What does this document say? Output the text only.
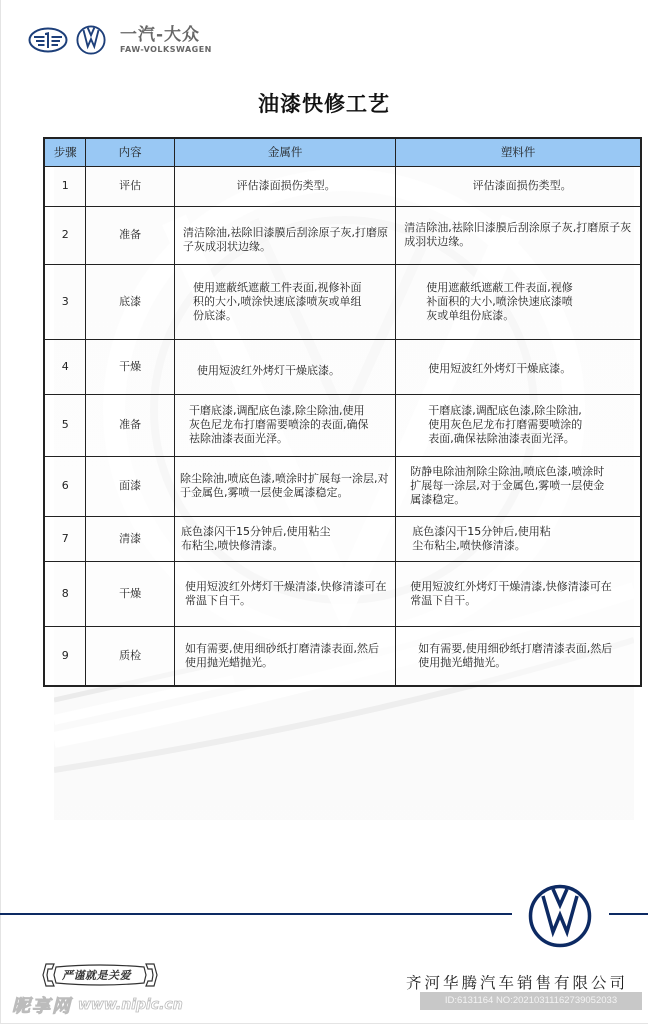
一汽-大众
FAW-VOLKSWAGEN
油漆快修工艺
步骤	内容	金属件	塑料件
1	评估	评估漆面损伤类型。	评估漆面损伤类型。
2	准备	清洁除油,祛除旧漆膜后刮涂原子灰,打磨原子灰成羽状边缘。	清洁除油,祛除旧漆膜后刮涂原子灰,打磨原子灰成羽状边缘。
3	底漆	使用遮蔽纸遮蔽工件表面,视修补面积的大小,喷涂快速底漆喷灰或单组份底漆。	使用遮蔽纸遮蔽工件表面,视修补面积的大小,喷涂快速底漆喷灰或单组份底漆。
4	干燥	使用短波红外烤灯干燥底漆。	使用短波红外烤灯干燥底漆。
5	准备	干磨底漆,调配底色漆,除尘除油,使用灰色尼龙布打磨需要喷涂的表面,确保祛除油漆表面光泽。	干磨底漆,调配底色漆,除尘除油,使用灰色尼龙布打磨需要喷涂的表面,确保祛除油漆表面光泽。
6	面漆	除尘除油,喷底色漆,喷涂时扩展每一涂层,对于金属色,雾喷一层使金属漆稳定。	防静电除油剂除尘除油,喷底色漆,喷涂时扩展每一涂层,对于金属色,雾喷一层使金属漆稳定。
7	清漆	底色漆闪干15分钟后,使用粘尘布粘尘,喷快修清漆。	底色漆闪干15分钟后,使用粘尘布粘尘,喷快修清漆。
8	干燥	使用短波红外烤灯干燥清漆,快修清漆可在常温下自干。	使用短波红外烤灯干燥清漆,快修清漆可在常温下自干。
9	质检	如有需要,使用细砂纸打磨清漆表面,然后使用抛光蜡抛光。	如有需要,使用细砂纸打磨清漆表面,然后使用抛光蜡抛光。
严谨就是关爱	齐河华腾汽车销售有限公司
ID:6131164 NO:20210311162739052033
昵享网 www.nipic.cn
